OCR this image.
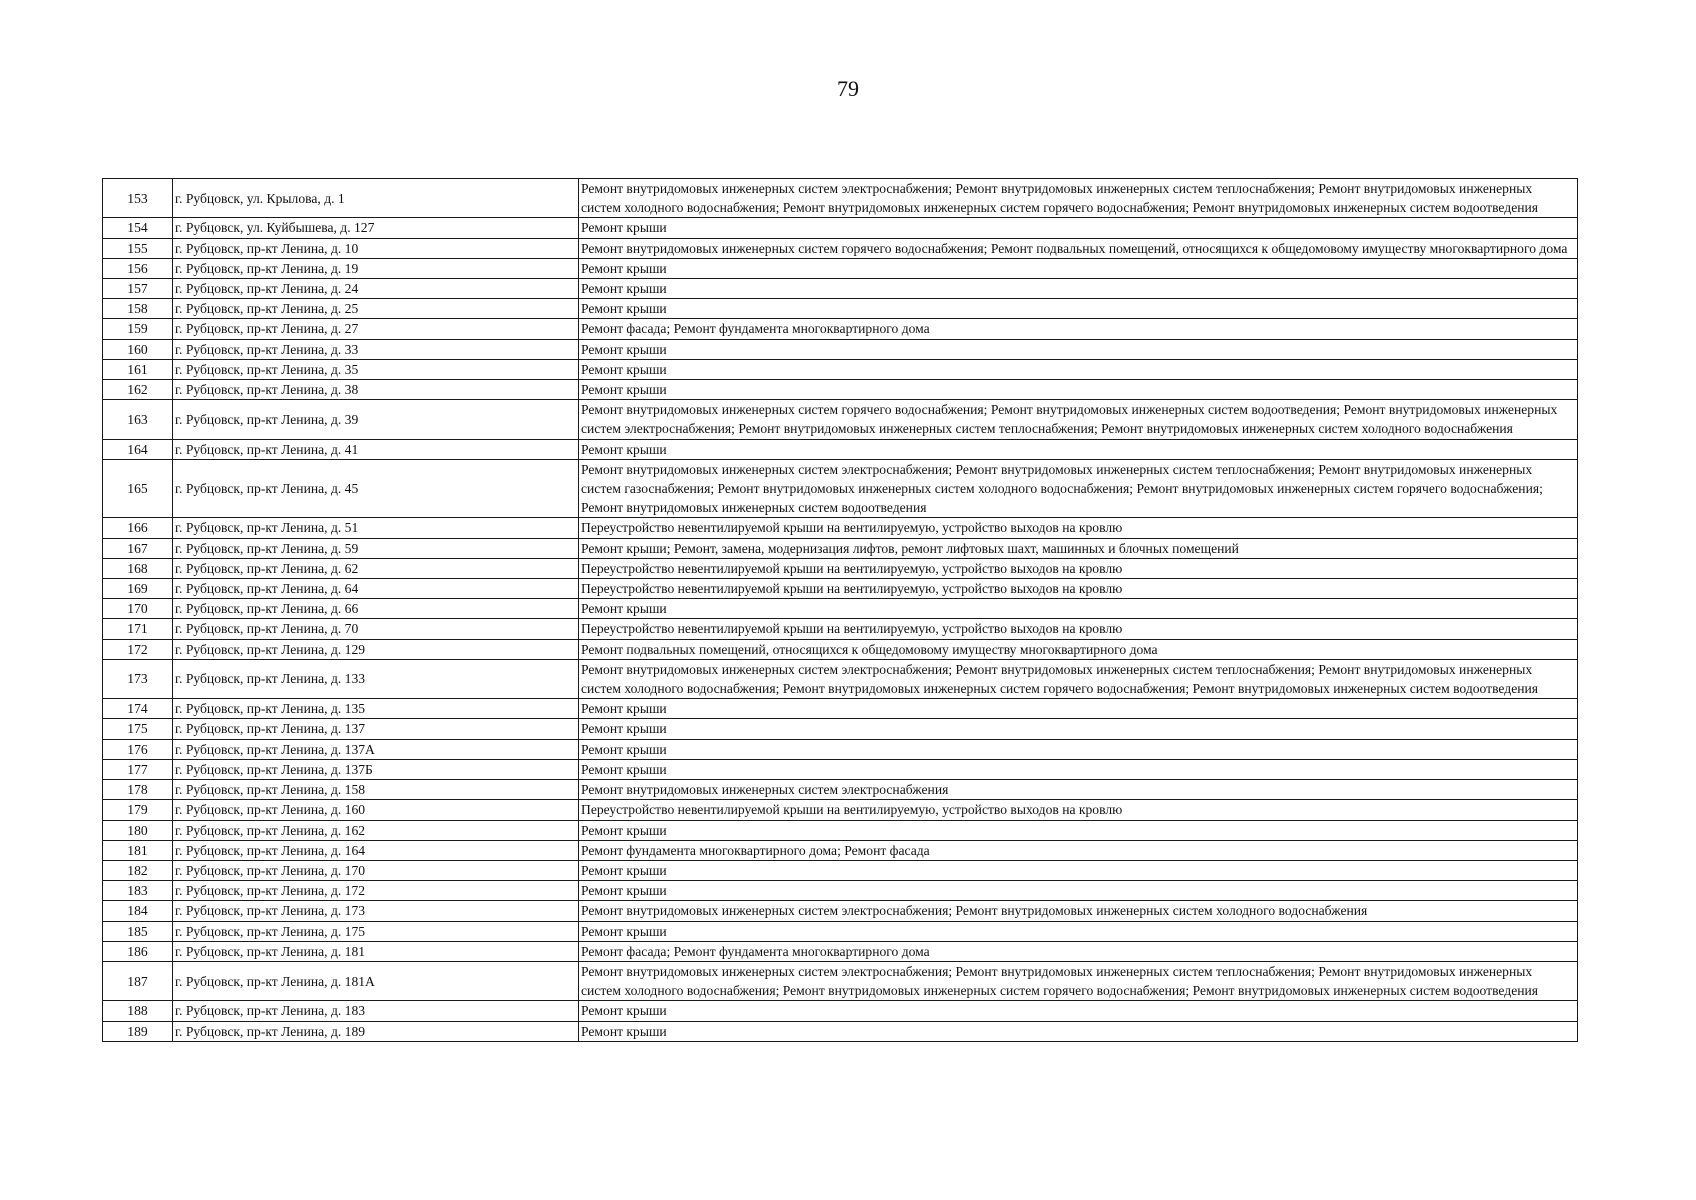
79
153	г. Рубцовск, ул. Крылова, д. 1	Ремонт внутридомовых инженерных систем электроснабжения; Ремонт внутридомовых инженерных систем теплоснабжения; Ремонт внутридомовых инженерных систем холодного водоснабжения; Ремонт внутридомовых инженерных систем горячего водоснабжения; Ремонт внутридомовых инженерных систем водоотведения
154	г. Рубцовск, ул. Куйбышева, д. 127	Ремонт крыши
155	г. Рубцовск, пр-кт Ленина, д. 10	Ремонт внутридомовых инженерных систем горячего водоснабжения; Ремонт подвальных помещений, относящихся к общедомовому имуществу многоквартирного дома
156	г. Рубцовск, пр-кт Ленина, д. 19	Ремонт крыши
157	г. Рубцовск, пр-кт Ленина, д. 24	Ремонт крыши
158	г. Рубцовск, пр-кт Ленина, д. 25	Ремонт крыши
159	г. Рубцовск, пр-кт Ленина, д. 27	Ремонт фасада; Ремонт фундамента многоквартирного дома
160	г. Рубцовск, пр-кт Ленина, д. 33	Ремонт крыши
161	г. Рубцовск, пр-кт Ленина, д. 35	Ремонт крыши
162	г. Рубцовск, пр-кт Ленина, д. 38	Ремонт крыши
163	г. Рубцовск, пр-кт Ленина, д. 39	Ремонт внутридомовых инженерных систем горячего водоснабжения; Ремонт внутридомовых инженерных систем водоотведения; Ремонт внутридомовых инженерных систем электроснабжения; Ремонт внутридомовых инженерных систем теплоснабжения; Ремонт внутридомовых инженерных систем холодного водоснабжения
164	г. Рубцовск, пр-кт Ленина, д. 41	Ремонт крыши
165	г. Рубцовск, пр-кт Ленина, д. 45	Ремонт внутридомовых инженерных систем электроснабжения; Ремонт внутридомовых инженерных систем теплоснабжения; Ремонт внутридомовых инженерных систем газоснабжения; Ремонт внутридомовых инженерных систем холодного водоснабжения; Ремонт внутридомовых инженерных систем горячего водоснабжения; Ремонт внутридомовых инженерных систем водоотведения
166	г. Рубцовск, пр-кт Ленина, д. 51	Переустройство невентилируемой крыши на вентилируемую, устройство выходов на кровлю
167	г. Рубцовск, пр-кт Ленина, д. 59	Ремонт крыши; Ремонт, замена, модернизация лифтов, ремонт лифтовых шахт, машинных и блочных помещений
168	г. Рубцовск, пр-кт Ленина, д. 62	Переустройство невентилируемой крыши на вентилируемую, устройство выходов на кровлю
169	г. Рубцовск, пр-кт Ленина, д. 64	Переустройство невентилируемой крыши на вентилируемую, устройство выходов на кровлю
170	г. Рубцовск, пр-кт Ленина, д. 66	Ремонт крыши
171	г. Рубцовск, пр-кт Ленина, д. 70	Переустройство невентилируемой крыши на вентилируемую, устройство выходов на кровлю
172	г. Рубцовск, пр-кт Ленина, д. 129	Ремонт подвальных помещений, относящихся к общедомовому имуществу многоквартирного дома
173	г. Рубцовск, пр-кт Ленина, д. 133	Ремонт внутридомовых инженерных систем электроснабжения; Ремонт внутридомовых инженерных систем теплоснабжения; Ремонт внутридомовых инженерных систем холодного водоснабжения; Ремонт внутридомовых инженерных систем горячего водоснабжения; Ремонт внутридомовых инженерных систем водоотведения
174	г. Рубцовск, пр-кт Ленина, д. 135	Ремонт крыши
175	г. Рубцовск, пр-кт Ленина, д. 137	Ремонт крыши
176	г. Рубцовск, пр-кт Ленина, д. 137А	Ремонт крыши
177	г. Рубцовск, пр-кт Ленина, д. 137Б	Ремонт крыши
178	г. Рубцовск, пр-кт Ленина, д. 158	Ремонт внутридомовых инженерных систем электроснабжения
179	г. Рубцовск, пр-кт Ленина, д. 160	Переустройство невентилируемой крыши на вентилируемую, устройство выходов на кровлю
180	г. Рубцовск, пр-кт Ленина, д. 162	Ремонт крыши
181	г. Рубцовск, пр-кт Ленина, д. 164	Ремонт фундамента многоквартирного дома; Ремонт фасада
182	г. Рубцовск, пр-кт Ленина, д. 170	Ремонт крыши
183	г. Рубцовск, пр-кт Ленина, д. 172	Ремонт крыши
184	г. Рубцовск, пр-кт Ленина, д. 173	Ремонт внутридомовых инженерных систем электроснабжения; Ремонт внутридомовых инженерных систем холодного водоснабжения
185	г. Рубцовск, пр-кт Ленина, д. 175	Ремонт крыши
186	г. Рубцовск, пр-кт Ленина, д. 181	Ремонт фасада; Ремонт фундамента многоквартирного дома
187	г. Рубцовск, пр-кт Ленина, д. 181А	Ремонт внутридомовых инженерных систем электроснабжения; Ремонт внутридомовых инженерных систем теплоснабжения; Ремонт внутридомовых инженерных систем холодного водоснабжения; Ремонт внутридомовых инженерных систем горячего водоснабжения; Ремонт внутридомовых инженерных систем водоотведения
188	г. Рубцовск, пр-кт Ленина, д. 183	Ремонт крыши
189	г. Рубцовск, пр-кт Ленина, д. 189	Ремонт крыши
